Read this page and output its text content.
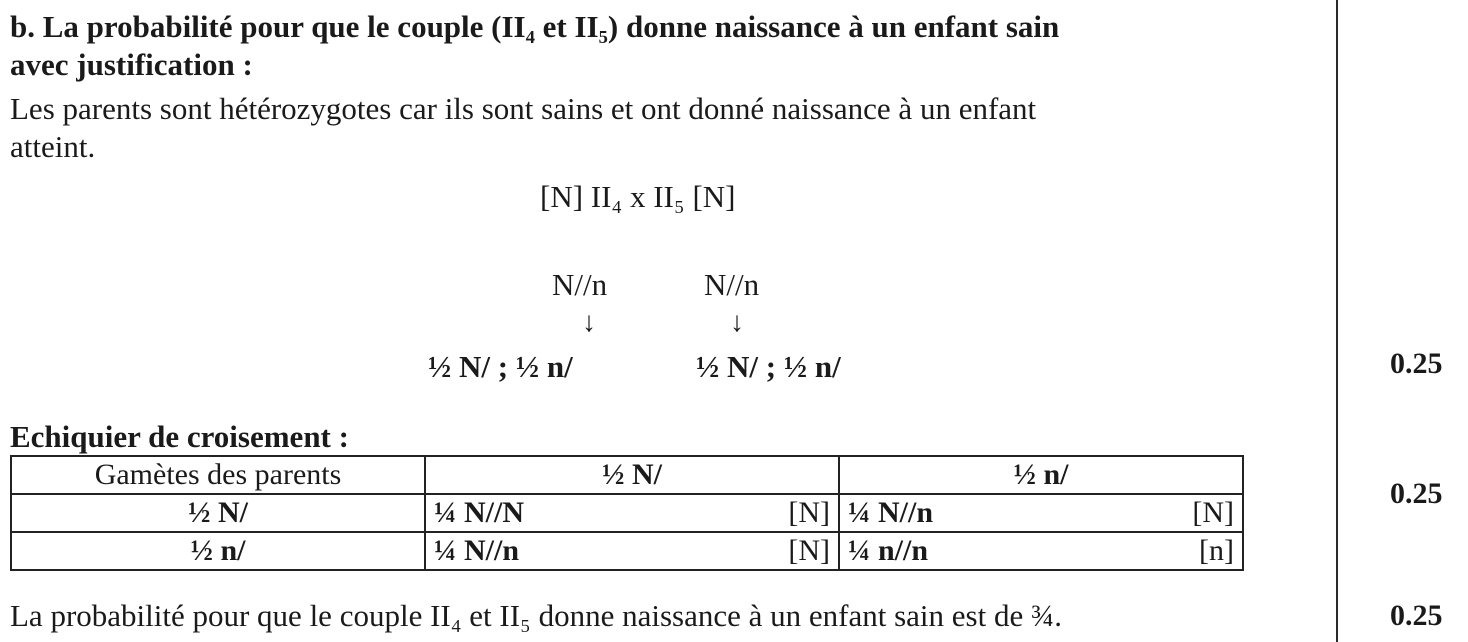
b. La probabilité pour que le couple (II₄ et II₅) donne naissance à un enfant sain
avec justification :
Les parents sont hétérozygotes car ils sont sains et ont donné naissance à un enfant
atteint.
[N] II₄ x II₅ [N]
N//n	N//n
↓	↓
½ N/ ; ½ n/	½ N/ ; ½ n/	0.25
0.25
0.25
Echiquier de croisement :
Gamètes des parents	½ N/	½ n/
½ N/	¼ N//N [N]	¼ N//n [N]

½ n/	¼ N//n [N]	¼ n//n [n]
La probabilité pour que le couple II₄ et II₅ donne naissance à un enfant sain est de ¾.
